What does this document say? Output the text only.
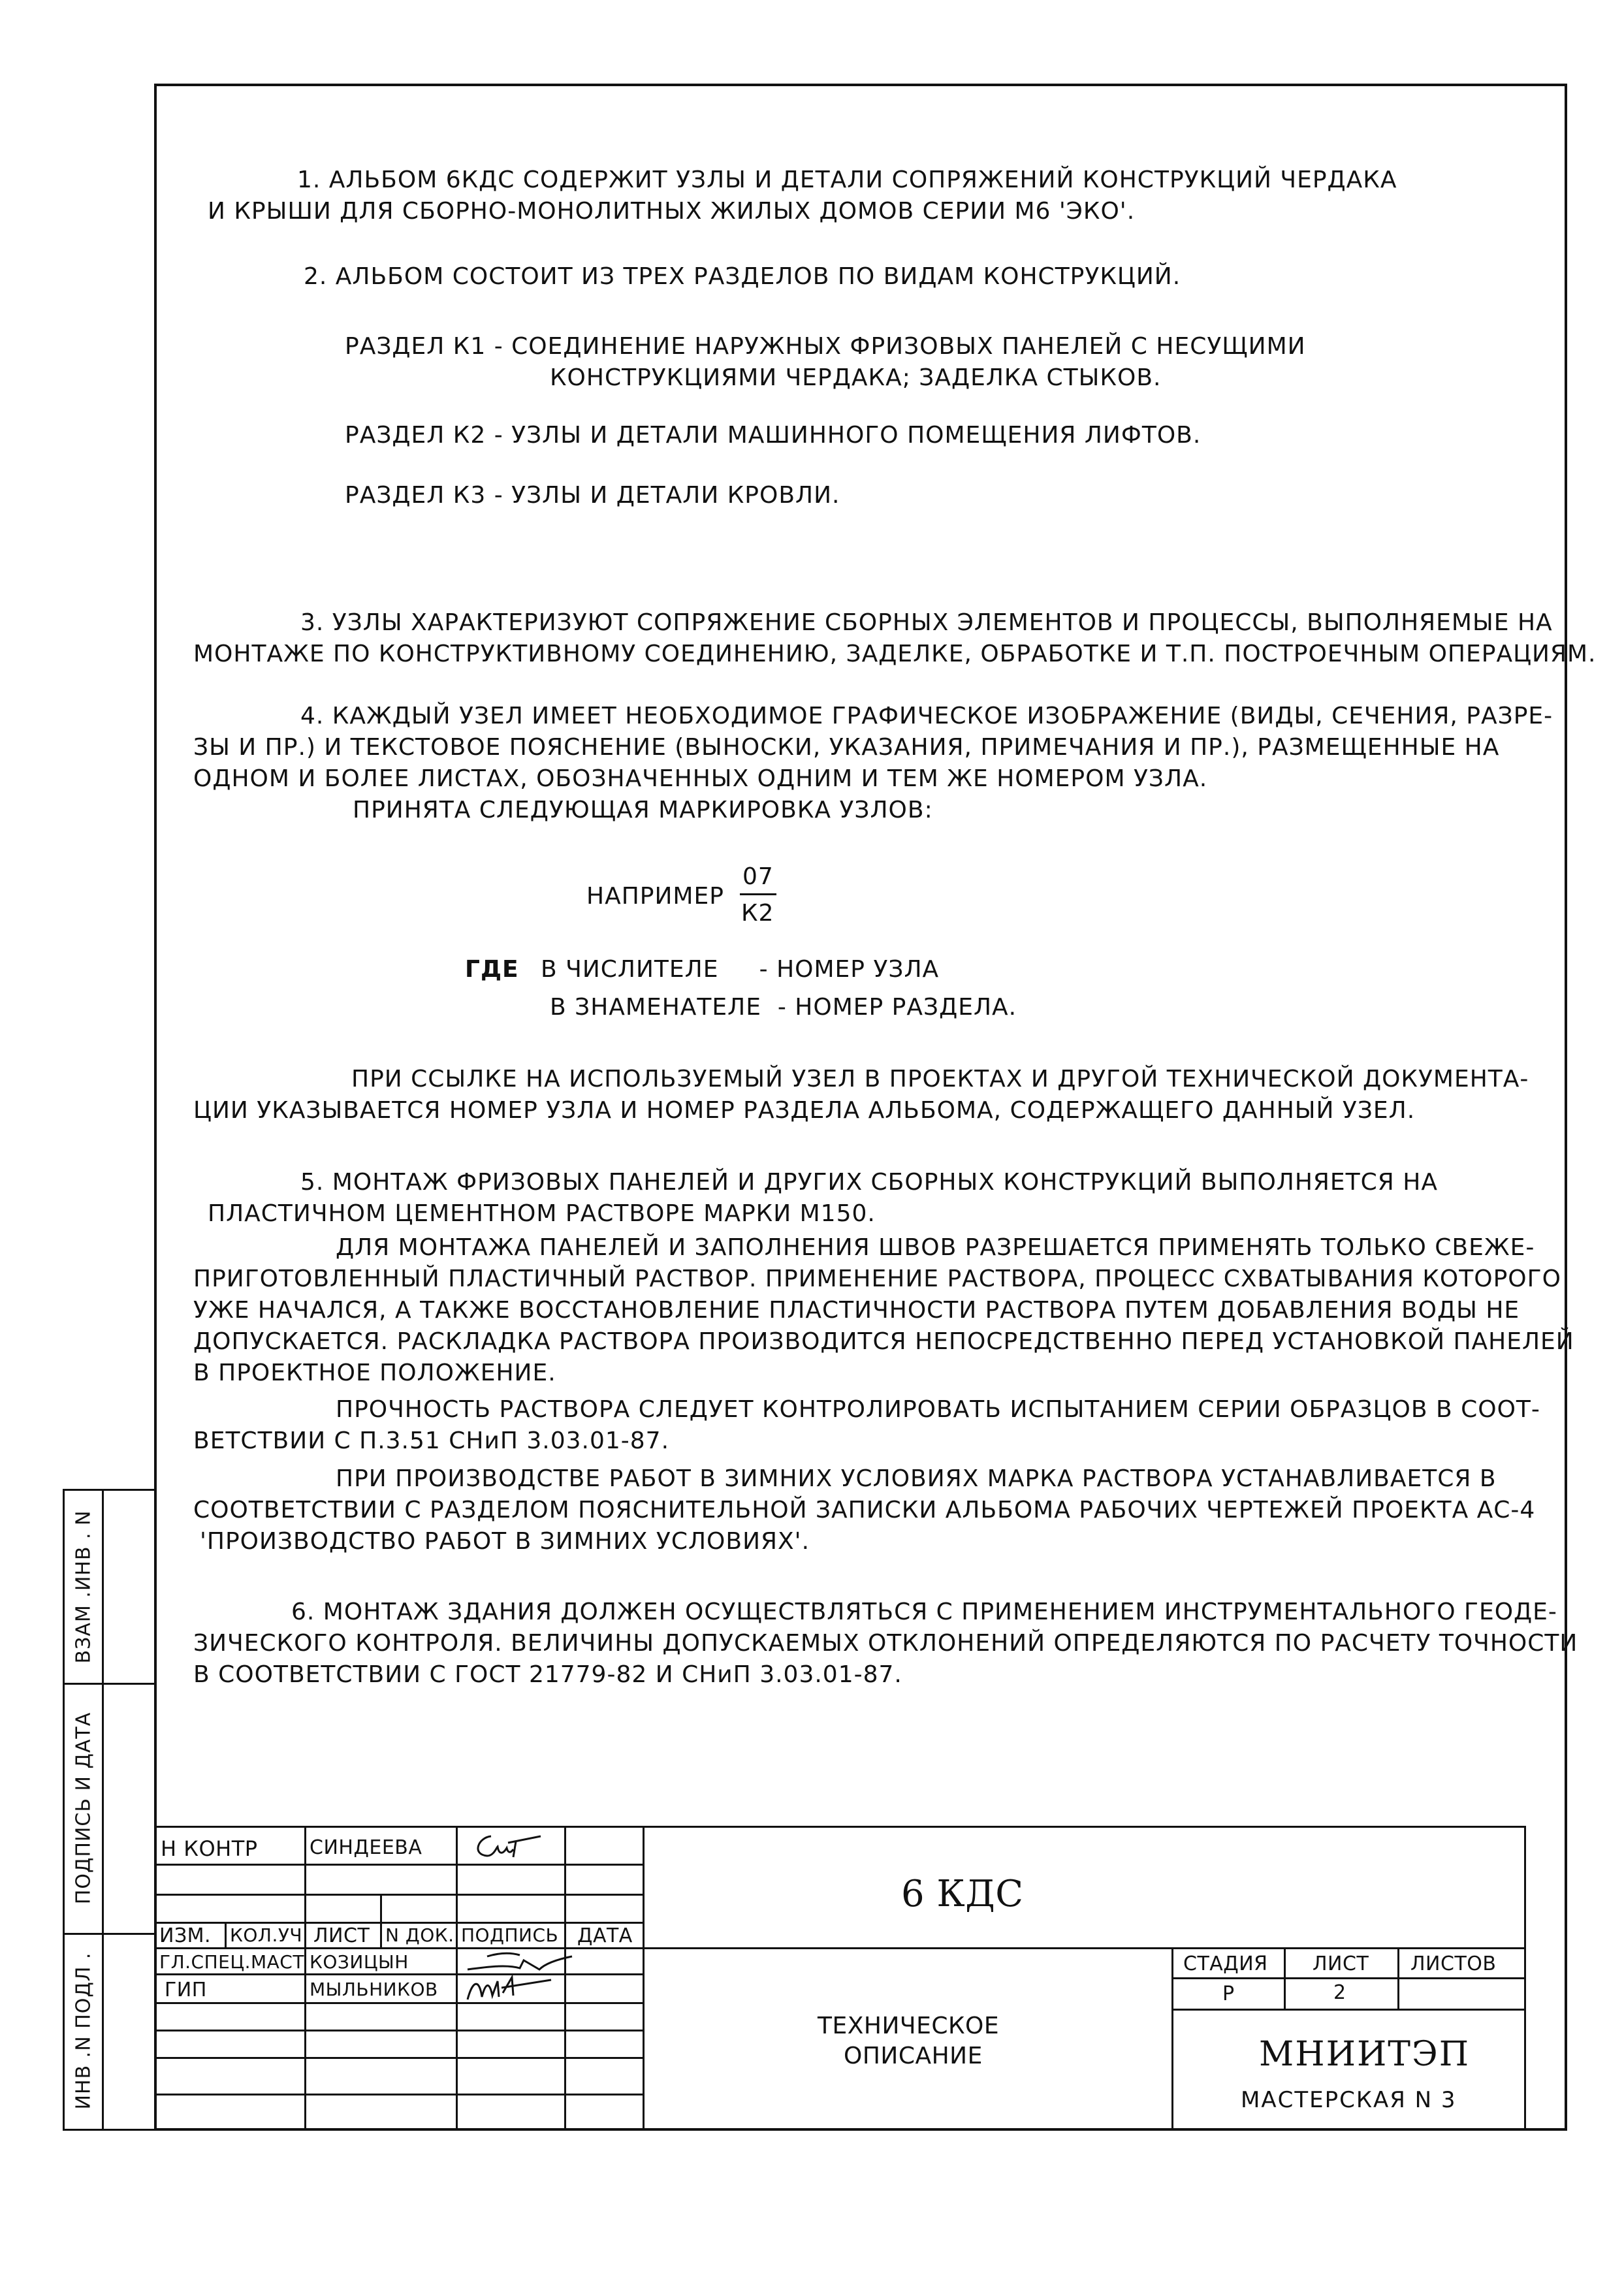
1. АЛЬБОМ 6КДС СОДЕРЖИТ УЗЛЫ И ДЕТАЛИ СОПРЯЖЕНИЙ КОНСТРУКЦИЙ ЧЕРДАКА
И КРЫШИ ДЛЯ СБОРНО-МОНОЛИТНЫХ ЖИЛЫХ ДОМОВ СЕРИИ М6 'ЭКО'.
2. АЛЬБОМ СОСТОИТ ИЗ ТРЕХ РАЗДЕЛОВ ПО ВИДАМ КОНСТРУКЦИЙ.
РАЗДЕЛ К1 - СОЕДИНЕНИЕ НАРУЖНЫХ ФРИЗОВЫХ ПАНЕЛЕЙ С НЕСУЩИМИ
КОНСТРУКЦИЯМИ ЧЕРДАКА; ЗАДЕЛКА СТЫКОВ.
РАЗДЕЛ К2 - УЗЛЫ И ДЕТАЛИ МАШИННОГО ПОМЕЩЕНИЯ ЛИФТОВ.
РАЗДЕЛ К3 - УЗЛЫ И ДЕТАЛИ КРОВЛИ.
3. УЗЛЫ ХАРАКТЕРИЗУЮТ СОПРЯЖЕНИЕ СБОРНЫХ ЭЛЕМЕНТОВ И ПРОЦЕССЫ, ВЫПОЛНЯЕМЫЕ НА
МОНТАЖЕ ПО КОНСТРУКТИВНОМУ СОЕДИНЕНИЮ, ЗАДЕЛКЕ, ОБРАБОТКЕ И Т.П. ПОСТРОЕЧНЫМ ОПЕРАЦИЯМ.
4. КАЖДЫЙ УЗЕЛ ИМЕЕТ НЕОБХОДИМОЕ ГРАФИЧЕСКОЕ ИЗОБРАЖЕНИЕ (ВИДЫ, СЕЧЕНИЯ, РАЗРЕ-
ЗЫ И ПР.) И ТЕКСТОВОЕ ПОЯСНЕНИЕ (ВЫНОСКИ, УКАЗАНИЯ, ПРИМЕЧАНИЯ И ПР.), РАЗМЕЩЕННЫЕ НА
ОДНОМ И БОЛЕЕ ЛИСТАХ, ОБОЗНАЧЕННЫХ ОДНИМ И ТЕМ ЖЕ НОМЕРОМ УЗЛА.
ПРИНЯТА СЛЕДУЮЩАЯ МАРКИРОВКА УЗЛОВ:
НАПРИМЕР
07
К2
ГДЕ В ЧИСЛИТЕЛЕ     - НОМЕР УЗЛА
В ЗНАМЕНАТЕЛЕ  - НОМЕР РАЗДЕЛА.
ПРИ ССЫЛКЕ НА ИСПОЛЬЗУЕМЫЙ УЗЕЛ В ПРОЕКТАХ И ДРУГОЙ ТЕХНИЧЕСКОЙ ДОКУМЕНТА-
ЦИИ УКАЗЫВАЕТСЯ НОМЕР УЗЛА И НОМЕР РАЗДЕЛА АЛЬБОМА, СОДЕРЖАЩЕГО ДАННЫЙ УЗЕЛ.
5. МОНТАЖ ФРИЗОВЫХ ПАНЕЛЕЙ И ДРУГИХ СБОРНЫХ КОНСТРУКЦИЙ ВЫПОЛНЯЕТСЯ НА
ПЛАСТИЧНОМ ЦЕМЕНТНОМ РАСТВОРЕ МАРКИ М150.
ДЛЯ МОНТАЖА ПАНЕЛЕЙ И ЗАПОЛНЕНИЯ ШВОВ РАЗРЕШАЕТСЯ ПРИМЕНЯТЬ ТОЛЬКО СВЕЖЕ-
ПРИГОТОВЛЕННЫЙ ПЛАСТИЧНЫЙ РАСТВОР. ПРИМЕНЕНИЕ РАСТВОРА, ПРОЦЕСС СХВАТЫВАНИЯ КОТОРОГО
УЖЕ НАЧАЛСЯ, А ТАКЖЕ ВОССТАНОВЛЕНИЕ ПЛАСТИЧНОСТИ РАСТВОРА ПУТЕМ ДОБАВЛЕНИЯ ВОДЫ НЕ
ДОПУСКАЕТСЯ. РАСКЛАДКА РАСТВОРА ПРОИЗВОДИТСЯ НЕПОСРЕДСТВЕННО ПЕРЕД УСТАНОВКОЙ ПАНЕЛЕЙ
В ПРОЕКТНОЕ ПОЛОЖЕНИЕ.
ПРОЧНОСТЬ РАСТВОРА СЛЕДУЕТ КОНТРОЛИРОВАТЬ ИСПЫТАНИЕМ СЕРИИ ОБРАЗЦОВ В СООТ-
ВЕТСТВИИ С П.3.51 СНиП 3.03.01-87.
ПРИ ПРОИЗВОДСТВЕ РАБОТ В ЗИМНИХ УСЛОВИЯХ МАРКА РАСТВОРА УСТАНАВЛИВАЕТСЯ В
СООТВЕТСТВИИ С РАЗДЕЛОМ ПОЯСНИТЕЛЬНОЙ ЗАПИСКИ АЛЬБОМА РАБОЧИХ ЧЕРТЕЖЕЙ ПРОЕКТА АС-4
'ПРОИЗВОДСТВО РАБОТ В ЗИМНИХ УСЛОВИЯХ'.
6. МОНТАЖ ЗДАНИЯ ДОЛЖЕН ОСУЩЕСТВЛЯТЬСЯ С ПРИМЕНЕНИЕМ ИНСТРУМЕНТАЛЬНОГО ГЕОДЕ-
ЗИЧЕСКОГО КОНТРОЛЯ. ВЕЛИЧИНЫ ДОПУСКАЕМЫХ ОТКЛОНЕНИЙ ОПРЕДЕЛЯЮТСЯ ПО РАСЧЕТУ ТОЧНОСТИ
В СООТВЕТСТВИИ С ГОСТ 21779-82 И СНиП 3.03.01-87.
ВЗАМ .ИНВ . N
ПОДПИСЬ И ДАТА
ИНВ .N ПОДЛ .
Н КОНТР	СИНДЕЕВА
ИЗМ. КОЛ.УЧ. ЛИСТ N ДОК. ПОДПИСЬ ДАТА
ГЛ.СПЕЦ.МАСТ КОЗИЦЫН
ГИП	МЫЛЬНИКОВ
6 КДС
ТЕХНИЧЕСКОЕ
ОПИСАНИЕ
СТАДИЯ ЛИСТ ЛИСТОВ
Р	2
МНИИТЭП
МАСТЕРСКАЯ N 3
